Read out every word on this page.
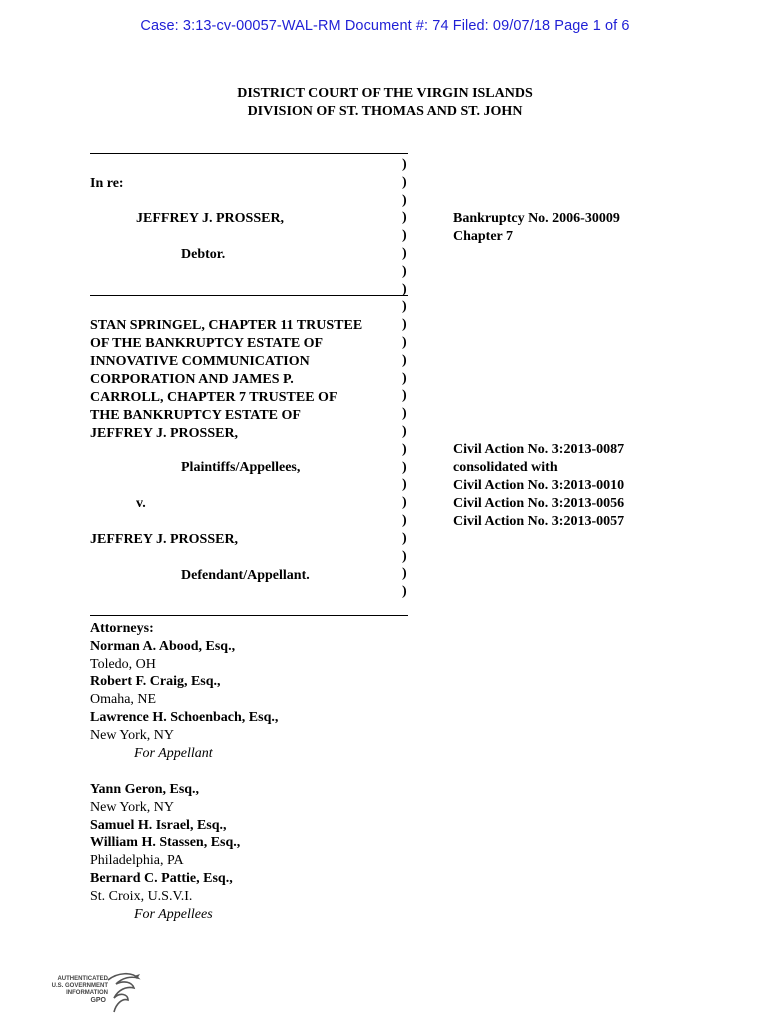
Case: 3:13-cv-00057-WAL-RM Document #: 74 Filed: 09/07/18 Page 1 of 6
DISTRICT COURT OF THE VIRGIN ISLANDS
DIVISION OF ST. THOMAS AND ST. JOHN
In re:
JEFFREY J. PROSSER,
Debtor.
STAN SPRINGEL, CHAPTER 11 TRUSTEE
OF THE BANKRUPTCY ESTATE OF
INNOVATIVE COMMUNICATION
CORPORATION AND JAMES P.
CARROLL, CHAPTER 7 TRUSTEE OF
THE BANKRUPTCY ESTATE OF
JEFFREY J. PROSSER,
Plaintiffs/Appellees,
v.
JEFFREY J. PROSSER,
Defendant/Appellant.
)
)
)
)
)
)
)
)
)
)
)
)
)
)
)
)
)
)
)
)
)
)
)
)
)
Bankruptcy No. 2006-30009
Chapter 7
Civil Action No. 3:2013-0087
consolidated with
Civil Action No. 3:2013-0010
Civil Action No. 3:2013-0056
Civil Action No. 3:2013-0057
Attorneys:
Norman A. Abood, Esq.,
Toledo, OH
Robert F. Craig, Esq.,
Omaha, NE
Lawrence H. Schoenbach, Esq.,
New York, NY
For Appellant
Yann Geron, Esq.,
New York, NY
Samuel H. Israel, Esq.,
William H. Stassen, Esq.,
Philadelphia, PA
Bernard C. Pattie, Esq.,
St. Croix, U.S.V.I.
For Appellees
AUTHENTICATED
U.S. GOVERNMENT
INFORMATION
GPO
